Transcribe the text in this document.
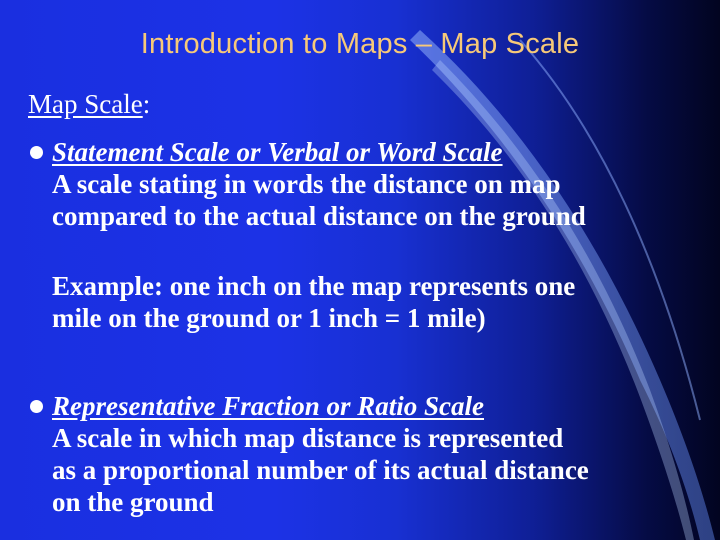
Introduction to Maps – Map Scale
Map Scale:
Statement Scale or Verbal or Word Scale
A scale stating in words the distance on map
compared to the actual distance on the ground
Example: one inch on the map represents one
mile on the ground or 1 inch = 1 mile)
Representative Fraction or Ratio Scale
A scale in which map distance is represented
as a proportional number of its actual distance
on the ground
